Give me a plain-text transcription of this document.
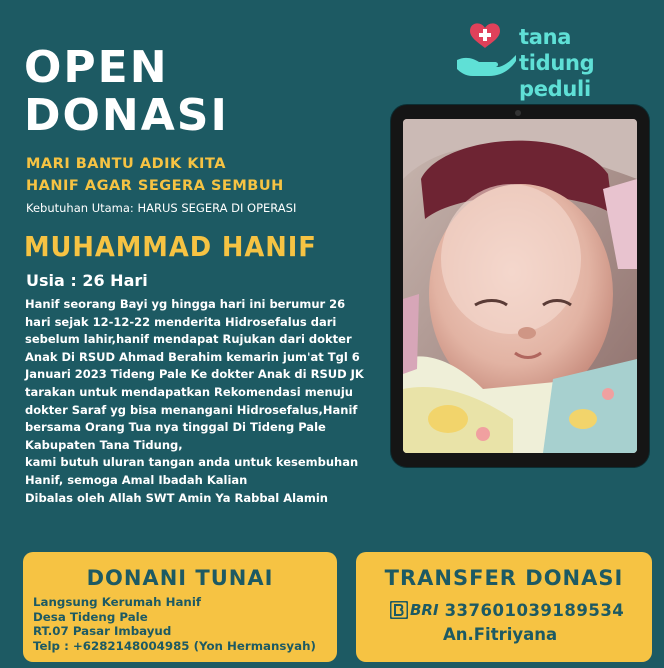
tana tidung
peduli
OPEN
DONASI
MARI BANTU ADIK KITA
HANIF AGAR SEGERA SEMBUH
Kebutuhan Utama: HARUS SEGERA DI OPERASI
MUHAMMAD HANIF
Usia : 26 Hari
Hanif seorang Bayi yg hingga hari ini berumur 26
hari sejak 12-12-22 menderita Hidrosefalus dari
sebelum lahir,hanif mendapat Rujukan dari dokter
Anak Di RSUD Ahmad Berahim kemarin jum'at Tgl 6
Januari 2023 Tideng Pale Ke dokter Anak di RSUD JK
tarakan untuk mendapatkan Rekomendasi menuju
dokter Saraf yg bisa menangani Hidrosefalus,Hanif
bersama Orang Tua nya tinggal Di Tideng Pale
Kabupaten Tana Tidung,
kami butuh uluran tangan anda untuk kesembuhan
Hanif, semoga Amal Ibadah Kalian
Dibalas oleh Allah SWT Amin Ya Rabbal Alamin
DONANI TUNAI
Langsung Kerumah Hanif
Desa Tideng Pale
RT.07 Pasar Imbayud
Telp : +6282148004985 (Yon Hermansyah)
TRANSFER DONASI
BRI 337601039189534
An.Fitriyana
